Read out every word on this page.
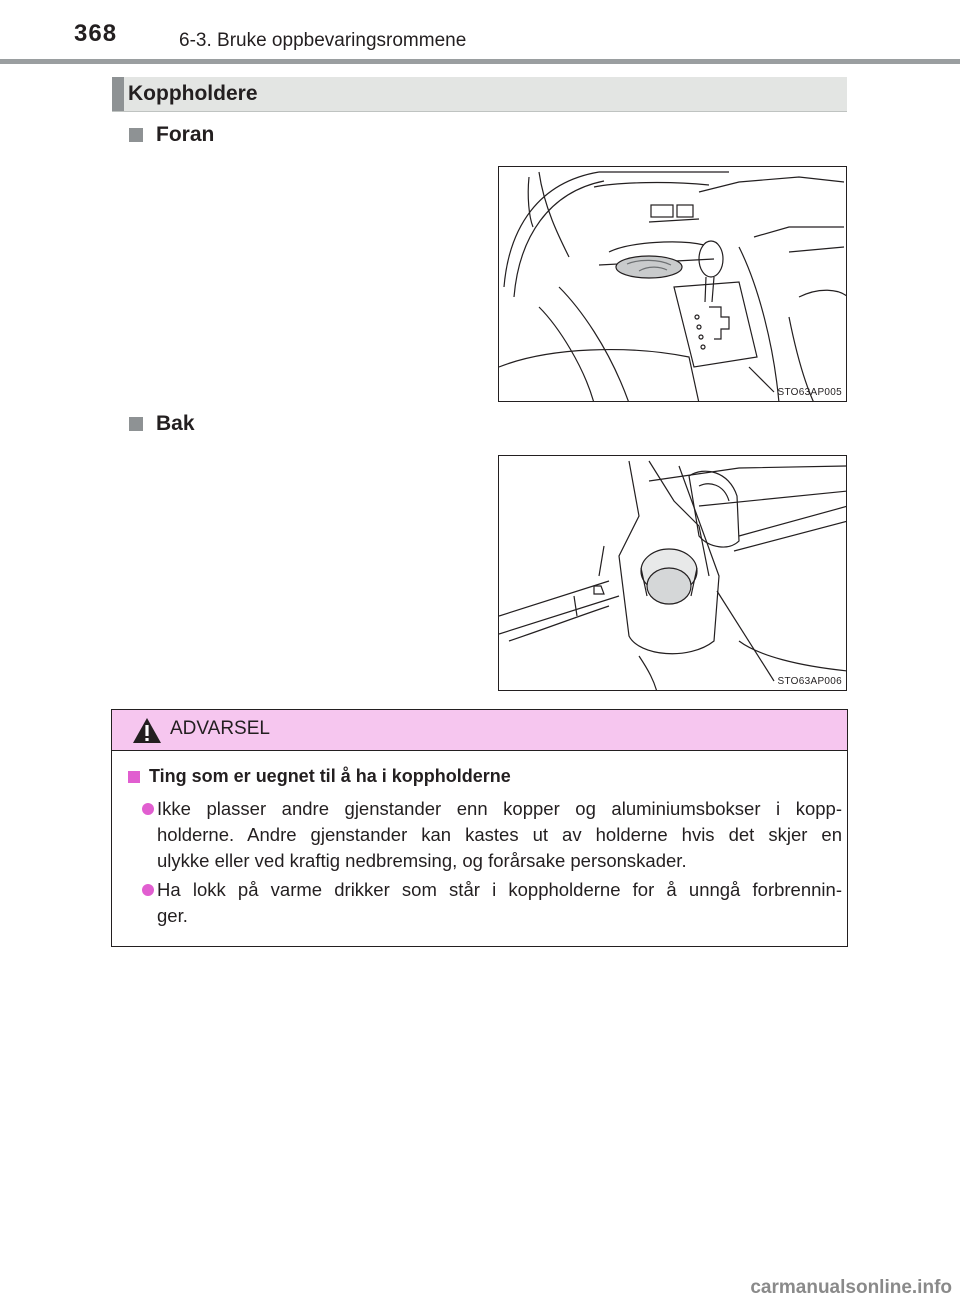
368	6-3. Bruke oppbevaringsrommene
Koppholdere
Foran
STO63AP005
Bak
STO63AP006
ADVARSEL
Ting som er uegnet til å ha i koppholderne
Ikke plasser andre gjenstander enn kopper og aluminiumsbokser i kopp-
holderne. Andre gjenstander kan kastes ut av holderne hvis det skjer en
ulykke eller ved kraftig nedbremsing, og forårsake personskader.
Ha lokk på varme drikker som står i koppholderne for å unngå forbrennin-
ger.
carmanualsonline.info
